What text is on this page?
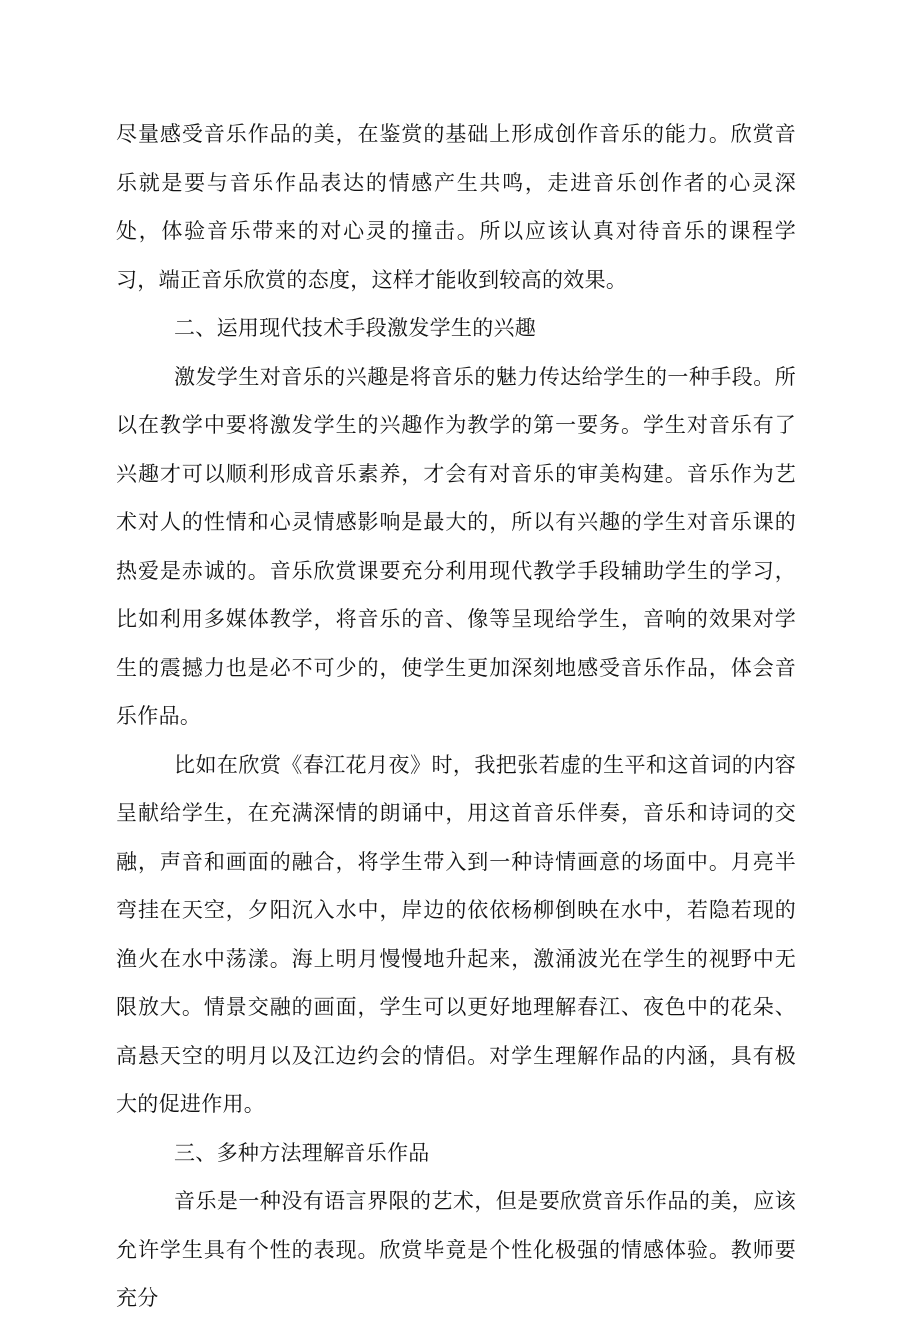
尽量感受音乐作品的美，在鉴赏的基础上形成创作音乐的能力。欣赏音乐就是要与音乐作品表达的情感产生共鸣，走进音乐创作者的心灵深处，体验音乐带来的对心灵的撞击。所以应该认真对待音乐的课程学习，端正音乐欣赏的态度，这样才能收到较高的效果。

二、运用现代技术手段激发学生的兴趣

激发学生对音乐的兴趣是将音乐的魅力传达给学生的一种手段。所以在教学中要将激发学生的兴趣作为教学的第一要务。学生对音乐有了兴趣才可以顺利形成音乐素养，才会有对音乐的审美构建。音乐作为艺术对人的性情和心灵情感影响是最大的，所以有兴趣的学生对音乐课的热爱是赤诚的。音乐欣赏课要充分利用现代教学手段辅助学生的学习，比如利用多媒体教学，将音乐的音、像等呈现给学生，音响的效果对学生的震撼力也是必不可少的，使学生更加深刻地感受音乐作品，体会音乐作品。

比如在欣赏《春江花月夜》时，我把张若虚的生平和这首词的内容呈献给学生，在充满深情的朗诵中，用这首音乐伴奏，音乐和诗词的交融，声音和画面的融合，将学生带入到一种诗情画意的场面中。月亮半弯挂在天空，夕阳沉入水中，岸边的依依杨柳倒映在水中，若隐若现的渔火在水中荡漾。海上明月慢慢地升起来，激涌波光在学生的视野中无限放大。情景交融的画面，学生可以更好地理解春江、夜色中的花朵、高悬天空的明月以及江边约会的情侣。对学生理解作品的内涵，具有极大的促进作用。

三、多种方法理解音乐作品

音乐是一种没有语言界限的艺术，但是要欣赏音乐作品的美，应该允许学生具有个性的表现。欣赏毕竟是个性化极强的情感体验。教师要充分
